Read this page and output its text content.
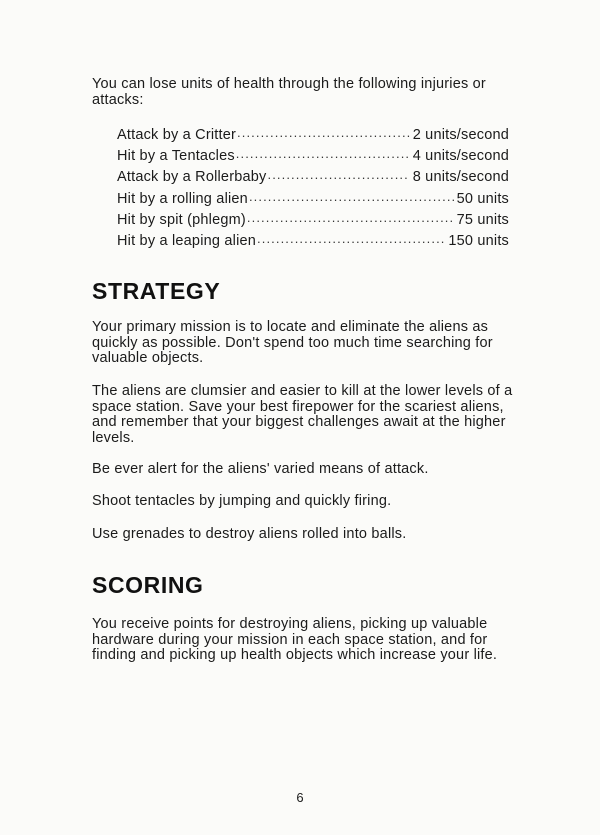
You can lose units of health through the following injuries or attacks:

Attack by a Critter .....	2 units/second
Hit by a Tentacles .....	4 units/second
Attack by a Rollerbaby .....	8 units/second
Hit by a rolling alien .....	50 units
Hit by spit (phlegm) .....	75 units
Hit by a leaping alien .....	150 units
STRATEGY

Your primary mission is to locate and eliminate the aliens as quickly as possible. Don't spend too much time searching for valuable objects.

The aliens are clumsier and easier to kill at the lower levels of a space station. Save your best firepower for the scariest aliens, and remember that your biggest challenges await at the higher levels.

Be ever alert for the aliens' varied means of attack.

Shoot tentacles by jumping and quickly firing.

Use grenades to destroy aliens rolled into balls.

SCORING

You receive points for destroying aliens, picking up valuable hardware during your mission in each space station, and for finding and picking up health objects which increase your life.

6
